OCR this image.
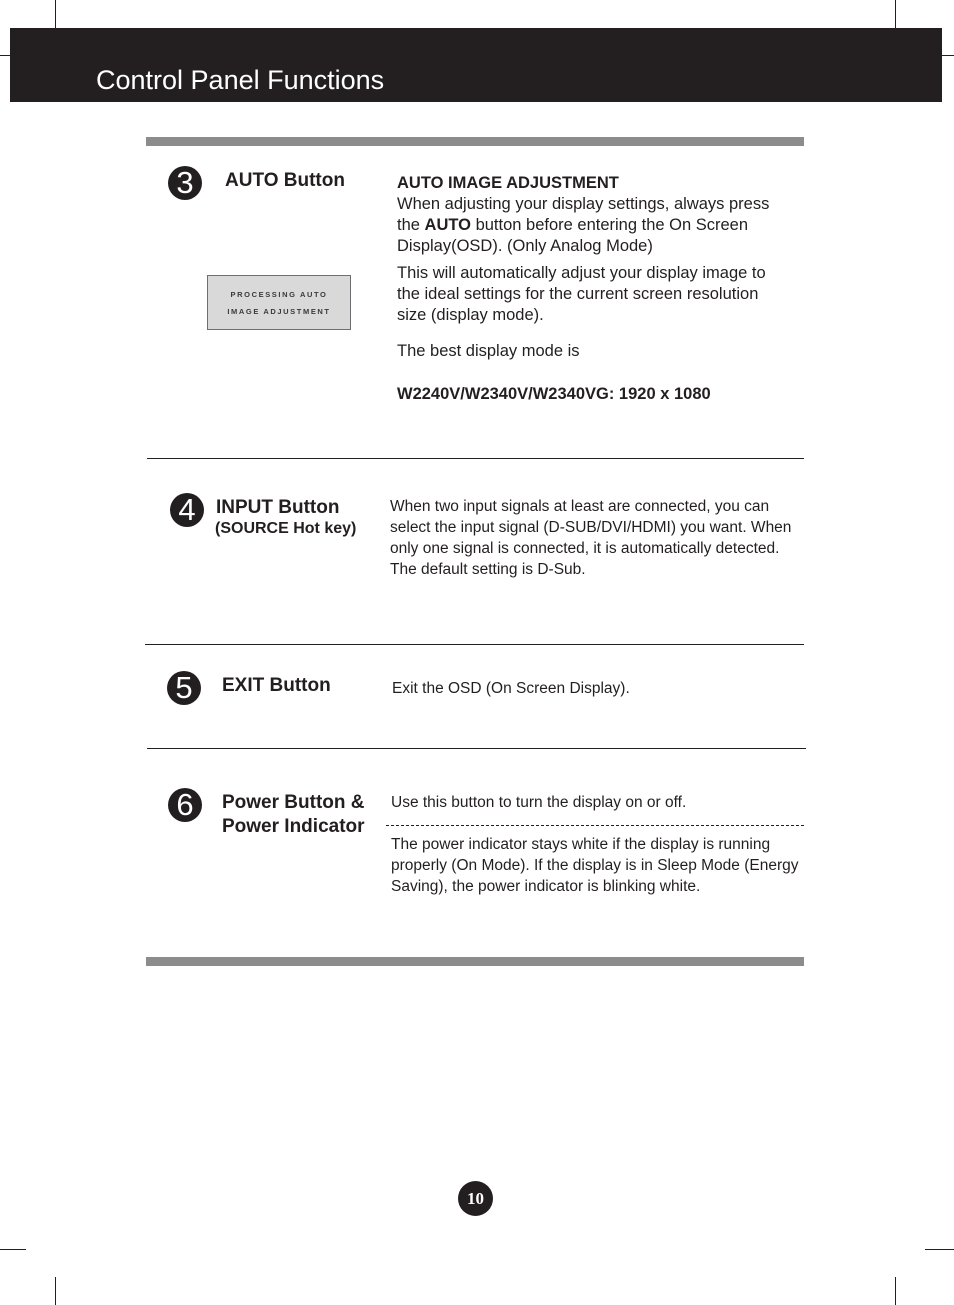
Control Panel Functions
3	AUTO Button
PROCESSING AUTO
IMAGE ADJUSTMENT
AUTO IMAGE ADJUSTMENT
When adjusting your display settings, always press the AUTO button before entering the On Screen Display(OSD). (Only Analog Mode)
This will automatically adjust your display image to the ideal settings for the current screen resolution size (display mode).
The best display mode is
W2240V/W2340V/W2340VG: 1920 x 1080
4	INPUT Button
(SOURCE Hot key)
When two input signals at least are connected, you can select the input signal (D-SUB/DVI/HDMI) you want. When only one signal is connected, it is automatically detected. The default setting is D-Sub.
5	EXIT Button	Exit the OSD (On Screen Display).
6	Power Button &
Power Indicator
Use this button to turn the display on or off.
The power indicator stays white if the display is running properly (On Mode). If the display is in Sleep Mode (Energy Saving), the power indicator is blinking white.
10
